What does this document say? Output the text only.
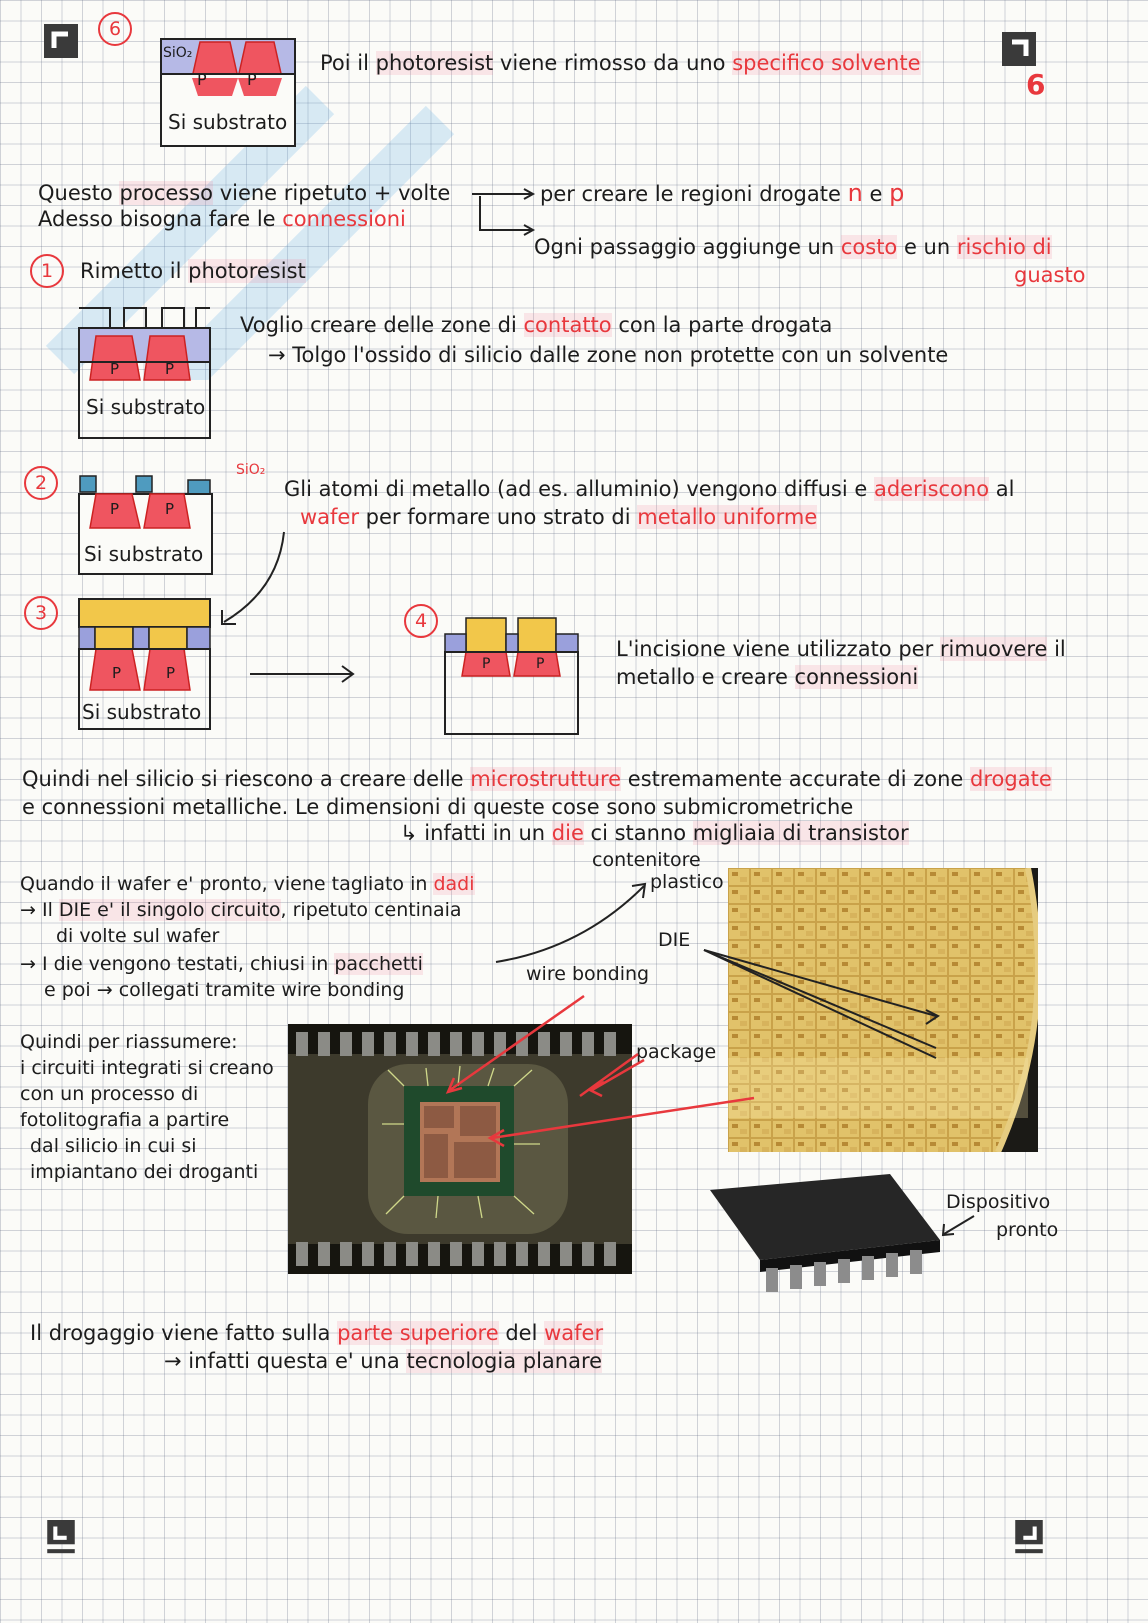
6
6
SiO₂
P	P
Si substrato
Poi il photoresist viene rimosso da uno specifico solvente
Questo processo viene ripetuto + volte
Adesso bisogna fare le connessioni
per creare le regioni drogate n e p
Ogni passaggio aggiunge un costo e un rischio di
guasto
1	Rimetto il photoresist
P	P
Si substrato
Voglio creare delle zone di contatto con la parte drogata
→ Tolgo l'ossido di silicio dalle zone non protette con un solvente
2
SiO₂
P	P
Si substrato
Gli atomi di metallo (ad es. alluminio) vengono diffusi e aderiscono al
wafer per formare uno strato di metallo uniforme
3
P	P
Si substrato
4
P	P
L'incisione viene utilizzato per rimuovere il
metallo e creare connessioni
Quindi nel silicio si riescono a creare delle microstrutture estremamente accurate di zone drogate
e connessioni metalliche. Le dimensioni di queste cose sono submicrometriche
↳ infatti in un die ci stanno migliaia di transistor
Quando il wafer e' pronto, viene tagliato in dadi
→ Il DIE e' il singolo circuito, ripetuto centinaia
di volte sul wafer
→ I die vengono testati, chiusi in pacchetti
e poi → collegati tramite wire bonding
contenitore
plastico
DIE
wire bonding
package
Quindi per riassumere:
i circuiti integrati si creano
con un processo di
fotolitografia a partire
dal silicio in cui si
impiantano dei droganti
Dispositivo
pronto
Il drogaggio viene fatto sulla parte superiore del wafer
→ infatti questa e' una tecnologia planare
